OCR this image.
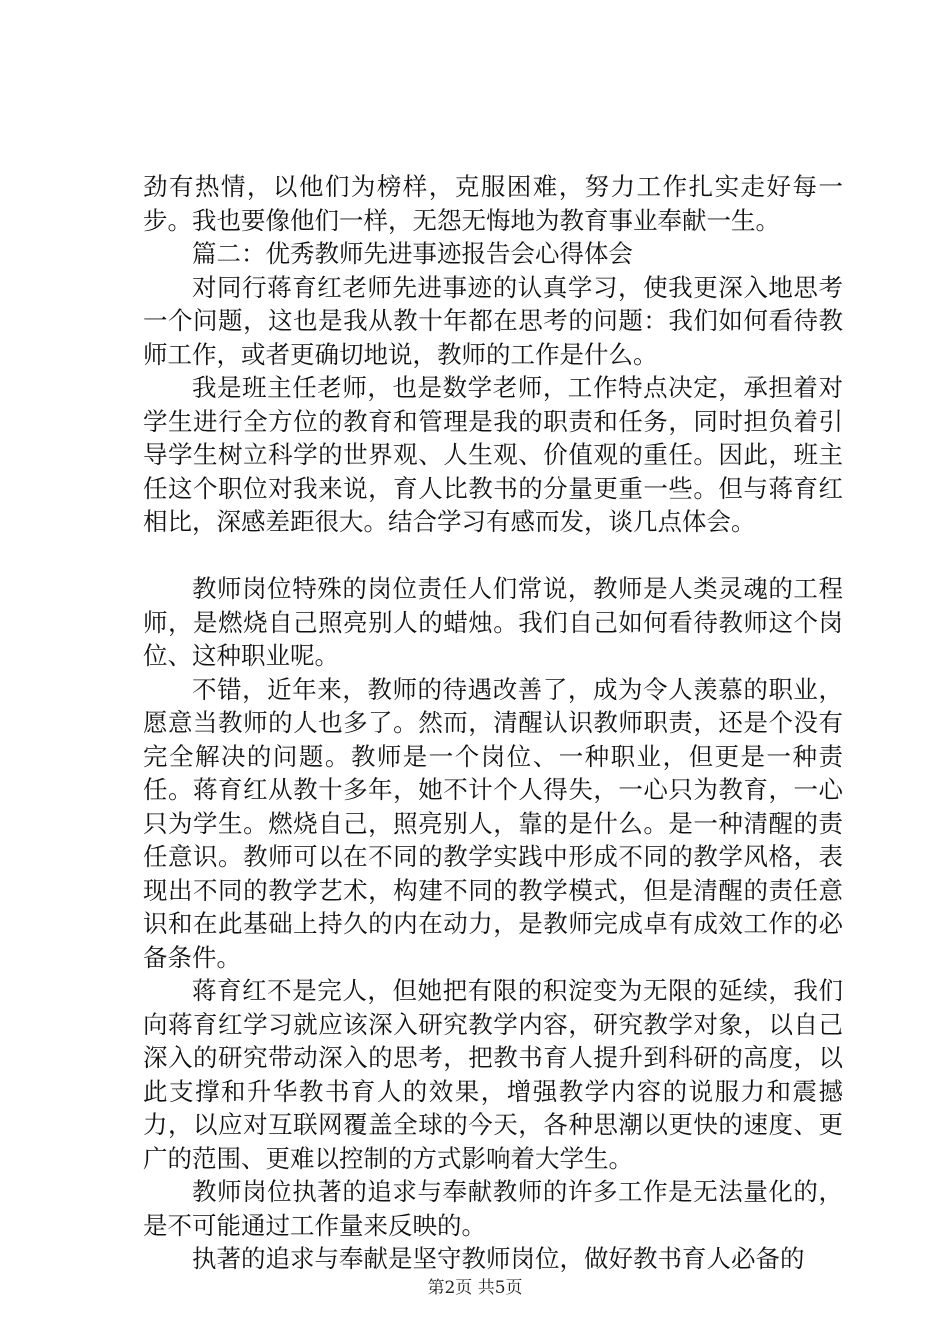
劲有热情，以他们为榜样，克服困难，努力工作扎实走好每一步。我也要像他们一样，无怨无悔地为教育事业奉献一生。

篇二：优秀教师先进事迹报告会心得体会

对同行蒋育红老师先进事迹的认真学习，使我更深入地思考一个问题，这也是我从教十年都在思考的问题：我们如何看待教师工作，或者更确切地说，教师的工作是什么。

我是班主任老师，也是数学老师，工作特点决定，承担着对学生进行全方位的教育和管理是我的职责和任务，同时担负着引导学生树立科学的世界观、人生观、价值观的重任。因此，班主任这个职位对我来说，育人比教书的分量更重一些。但与蒋育红相比，深感差距很大。结合学习有感而发，谈几点体会。

教师岗位特殊的岗位责任人们常说，教师是人类灵魂的工程师，是燃烧自己照亮别人的蜡烛。我们自己如何看待教师这个岗位、这种职业呢。

不错，近年来，教师的待遇改善了，成为令人羡慕的职业，愿意当教师的人也多了。然而，清醒认识教师职责，还是个没有完全解决的问题。教师是一个岗位、一种职业，但更是一种责任。蒋育红从教十多年，她不计个人得失，一心只为教育，一心只为学生。燃烧自己，照亮别人，靠的是什么。是一种清醒的责任意识。教师可以在不同的教学实践中形成不同的教学风格，表现出不同的教学艺术，构建不同的教学模式，但是清醒的责任意识和在此基础上持久的内在动力，是教师完成卓有成效工作的必备条件。

蒋育红不是完人，但她把有限的积淀变为无限的延续，我们向蒋育红学习就应该深入研究教学内容，研究教学对象，以自己深入的研究带动深入的思考，把教书育人提升到科研的高度，以此支撑和升华教书育人的效果，增强教学内容的说服力和震撼力，以应对互联网覆盖全球的今天，各种思潮以更快的速度、更广的范围、更难以控制的方式影响着大学生。

教师岗位执著的追求与奉献教师的许多工作是无法量化的，是不可能通过工作量来反映的。

执著的追求与奉献是坚守教师岗位，做好教书育人必备的

第2页 共5页
